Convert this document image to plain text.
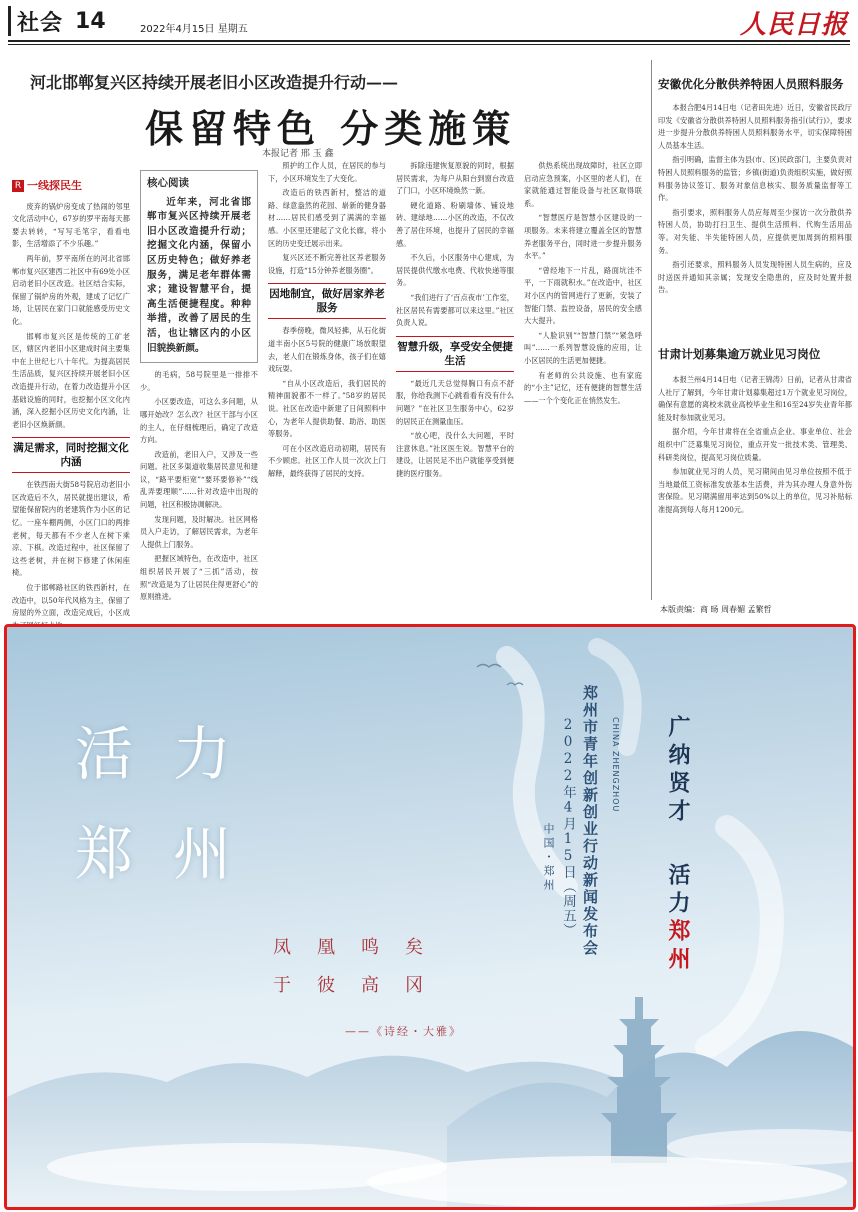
社会 14	2022年4月15日 星期五	人民日报
河北邯郸复兴区持续开展老旧小区改造提升行动——
保留特色 分类施策
本报记者 邢 玉 鑫
R 一线探民生

废弃的锅炉房变成了热闹的邻里文化活动中心，67岁的罗平南每天都要去转转，“写写毛笔字，看看电影，生活增添了不少乐趣。”

两年前，罗平南所在的河北省邯郸市复兴区建西二社区中有69处小区启动老旧小区改造。社区结合实际，保留了锅炉房的外观，建成了记忆广场，让居民在家门口就能感受历史文化。

邯郸市复兴区是传统的工矿老区，辖区内老旧小区建成时间主要集中在上世纪七八十年代。为提高居民生活品质，复兴区持续开展老旧小区改造提升行动，在着力改造提升小区基础设施的同时，也挖掘小区文化内涵，深入挖掘小区历史文化内涵，让老旧小区焕新颜。

满足需求，同时挖掘文化内涵

在铁西南大街58号院启动老旧小区改造后不久，居民就提出建议，希望能保留院内的老建筑作为小区的记忆。一座车棚两侧，小区门口的两排老树，每天都有不少老人在树下乘凉、下棋。改造过程中，社区保留了这些老树，并在树下修建了休闲座椅。

位于邯郸路社区的铁西新村，在改造中，以50年代风格为主，保留了房屋的外立面，改造完成后，小区成

核心阅读
近年来，河北省邯郸市复兴区持续开展老旧小区改造提升行动；挖掘文化内涵，保留小区历史特色；做好养老服务，满足老年群体需求；建设智慧平台，提高生活便捷程度。种种举措，改善了居民的生活，也让辖区内的小区旧貌换新颜。

的毛病，58号院里是一排排不少。

小区要改造，可这么多问题，从哪开始改？怎么改？社区干部与小区的主人，在仔细梳理后，确定了改造方向。

改造前，老旧入户，又涉及一些问题。社区多渠道收集居民意见和建议，“路平要柜宽”“要环要修补”“线乱弄要理顺”……针对改造中出现的问题，社区积极协调解决。

发现问题，及时解决。社区网格员入户走访，了解居民需求，为老年人提供上门服务。

把握区域特色，在改造中，社区组织居民开展了“三抓”活动，按照“改造是为了让居民住得更舒心”的原则推进。

照护的工作人员，在居民的参与下，小区环境发生了大变化。

改造后的铁西新村，整洁的道路、绿意盎然的花园、崭新的健身器材……居民们感受到了满满的幸福感。小区里还建起了文化长廊，将小区的历史变迁展示出来。

复兴区还不断完善社区养老服务设施，打造“15分钟养老服务圈”。

因地制宜，做好居家养老服务

春季傍晚，微风轻拂，从石化街道丰南小区5号院的健康广场放眼望去，老人们在锻炼身体，孩子们在嬉戏玩耍。

“自从小区改造后，我们居民的精神面貌都不一样了。”58岁的居民说。社区在改造中新建了日间照料中心，为老年人提供助餐、助浴、助医等服务。

可在小区改造启动初期，居民有不少顾虑。社区工作人员一次次上门解释，最终获得了居民的支持。

拆除违建恢复原貌的同时，根据居民需求，为每户从阳台到窗台改造了门口，小区环境焕然一新。

硬化道路、粉刷墙体、铺设地砖、建绿地……小区的改造，不仅改善了居住环境，也提升了居民的幸福感。

不久后，小区服务中心建成，为居民提供代缴水电费、代收快递等服务。

“我们进行了‘百点夜市’工作室，社区居民有需要都可以来这里。”社区负责人说。

智慧升级，享受安全便捷生活

“最近几天总觉得胸口有点不舒服，你给我测下心跳看看有没有什么问题？”在社区卫生服务中心，62岁的居民正在测量血压。

“放心吧，没什么大问题，平时注意休息。”社区医生说。智慧平台的建设，让居民足不出户就能享受到便捷的医疗服务。

供热系统出现故障时，社区立即启动应急预案，小区里的老人们，在家就能通过智能设备与社区取得联系。

“智慧医疗是智慧小区建设的一项服务。未来将建立覆盖全区的智慧养老服务平台，同时进一步提升服务水平。”

“曾经地下一片乱，路面坑洼不平，一下雨就积水。”在改造中，社区对小区内的管网进行了更新，安装了智能门禁、监控设备，居民的安全感大大提升。

“人脸识别”“智慧门禁”“紧急呼叫”……一系列智慧设施的应用，让小区居民的生活更加便捷。

有老师的公共设施、也有家庭的“小主”记忆，还有便捷的智慧生活——一个个变化正在悄然发生。

安徽优化分散供养特困人员照料服务

本报合肥4月14日电（记者田先进）近日，安徽省民政厅印发《安徽省分散供养特困人员照料服务指引(试行)》，要求进一步提升分散供养特困人员照料服务水平，切实保障特困人员基本生活。

指引明确，监督主体为县(市、区)民政部门，主要负责对特困人员照料服务的监管；乡镇(街道)负责组织实施，做好照料服务协议签订、服务对象信息核实、服务质量监督等工作。

指引要求，照料服务人员应每周至少探访一次分散供养特困人员，协助打扫卫生、提供生活照料、代购生活用品等。对失能、半失能特困人员，应提供更加周到的照料服务。

指引还要求，照料服务人员发现特困人员生病的，应及时送医并通知其亲属；发现安全隐患的，应及时处置并报告。

甘肃计划募集逾万就业见习岗位

本报兰州4月14日电（记者王锦涛）日前，记者从甘肃省人社厅了解到，今年甘肃计划募集超过1万个就业见习岗位，确保有意愿的离校未就业高校毕业生和16至24岁失业青年都能及时参加就业见习。

据介绍，今年甘肃将在全省重点企业、事业单位、社会组织中广泛募集见习岗位，重点开发一批技术类、管理类、科研类岗位，提高见习岗位质量。

参加就业见习的人员，见习期间由见习单位按照不低于当地最低工资标准发放基本生活费，并为其办理人身意外伤害保险。见习期满留用率达到50%以上的单位，见习补贴标准提高到每人每月1200元。

本版责编：商 旸 周春媚 孟繁哲
活力
郑州
凤凰鸣矣
于彼高冈
——《诗经・大雅》
郑州市青年创新创业行动新闻发布会
2022年4月15日（周五）
中国・郑州
CHINA ZHENGZHOU 广纳贤才
活力郑州
